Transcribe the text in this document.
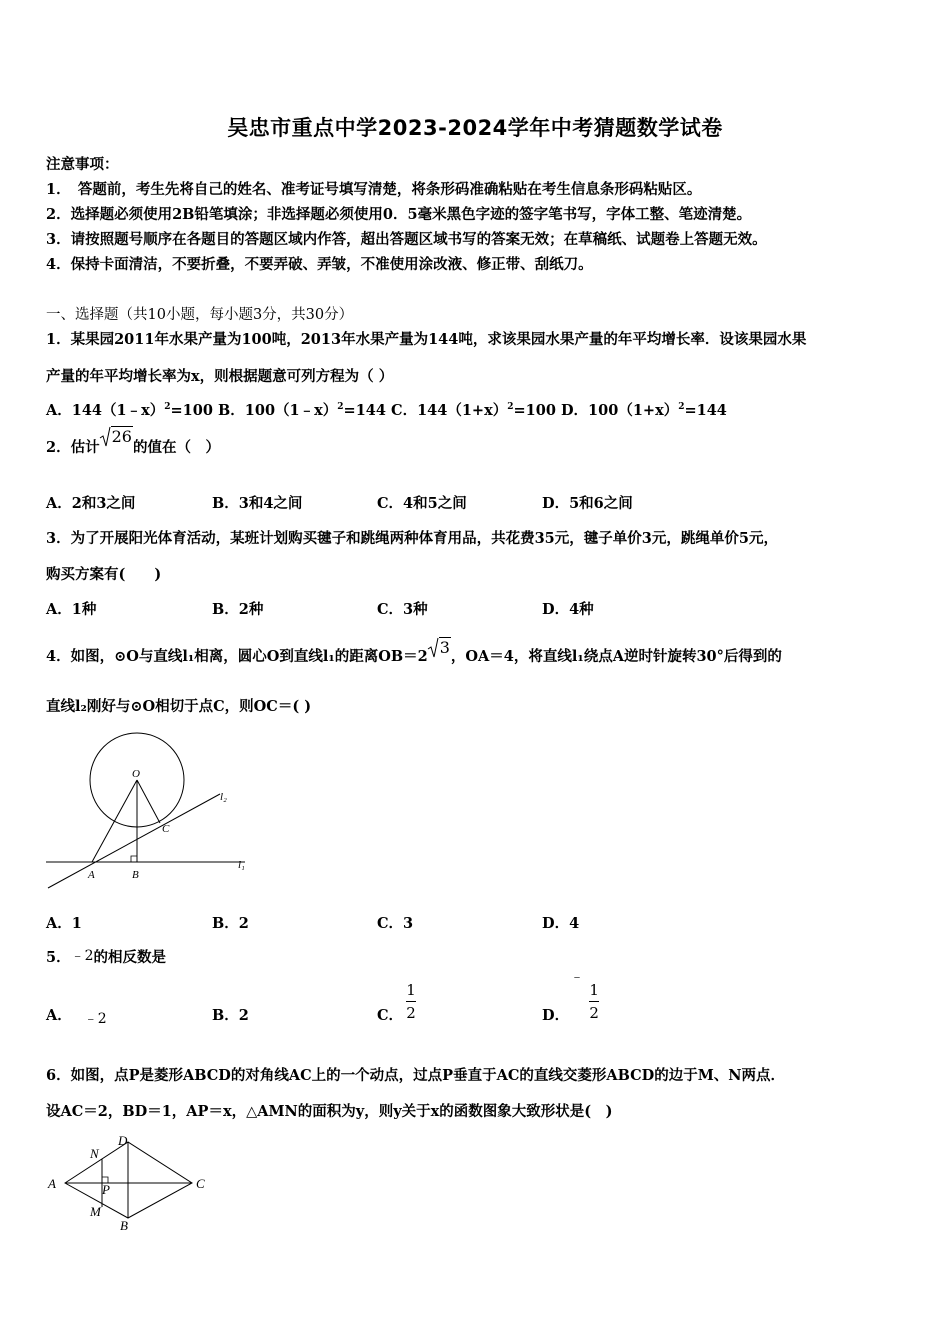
吴忠市重点中学2023-2024学年中考猜题数学试卷
注意事项：
1．　答题前，考生先将自己的姓名、准考证号填写清楚，将条形码准确粘贴在考生信息条形码粘贴区。
2．选择题必须使用2B铅笔填涂；非选择题必须使用0．5毫米黑色字迹的签字笔书写，字体工整、笔迹清楚。
3．请按照题号顺序在各题目的答题区域内作答，超出答题区域书写的答案无效；在草稿纸、试题卷上答题无效。
4．保持卡面清洁，不要折叠，不要弄破、弄皱，不准使用涂改液、修正带、刮纸刀。
一、选择题（共10小题，每小题3分，共30分）
1．某果园2011年水果产量为100吨，2013年水果产量为144吨，求该果园水果产量的年平均增长率．设该果园水果
产量的年平均增长率为x，则根据题意可列方程为（ ）
A．144（1﹣x）$^2$=100 B．100（1﹣x）$^2$=144 C．$144(1+x)^2=100$ D．$100(1+x)^2=144$
2．估计
26的值在（　）
A．2和3之间	B．3和4之间	C．4和5之间	D．5和6之间
3．为了开展阳光体育活动，某班计划购买毽子和跳绳两种体育用品，共花费35元，毽子单价3元，跳绳单价5元，
购买方案有(　　)
A．1种	B．2种	C．3种	D．4种
4．如图，⊙O与直线l₁相离，圆心O到直线l₁的距离OB＝2 3，OA＝4，将直线l₁绕点A逆时针旋转30°后得到的
直线l₂刚好与⊙O相切于点C，则OC＝( )
O
C
A	B
l₁
l₂
A．1	B．2	C．3	D．4
5．﹣2的相反数是
A． ﹣2	B．2	C． $\frac{1}{2}$	D．
﹣
$\frac{1}{2}$
6．如图，点P是菱形ABCD的对角线AC上的一个动点，过点P垂直于AC的直线交菱形ABCD的边于M、N两点．
设AC＝2，BD＝1，AP＝x，△AMN的面积为y，则y关于x的函数图象大致形状是(　)
D
N
A	C
P
M
B
